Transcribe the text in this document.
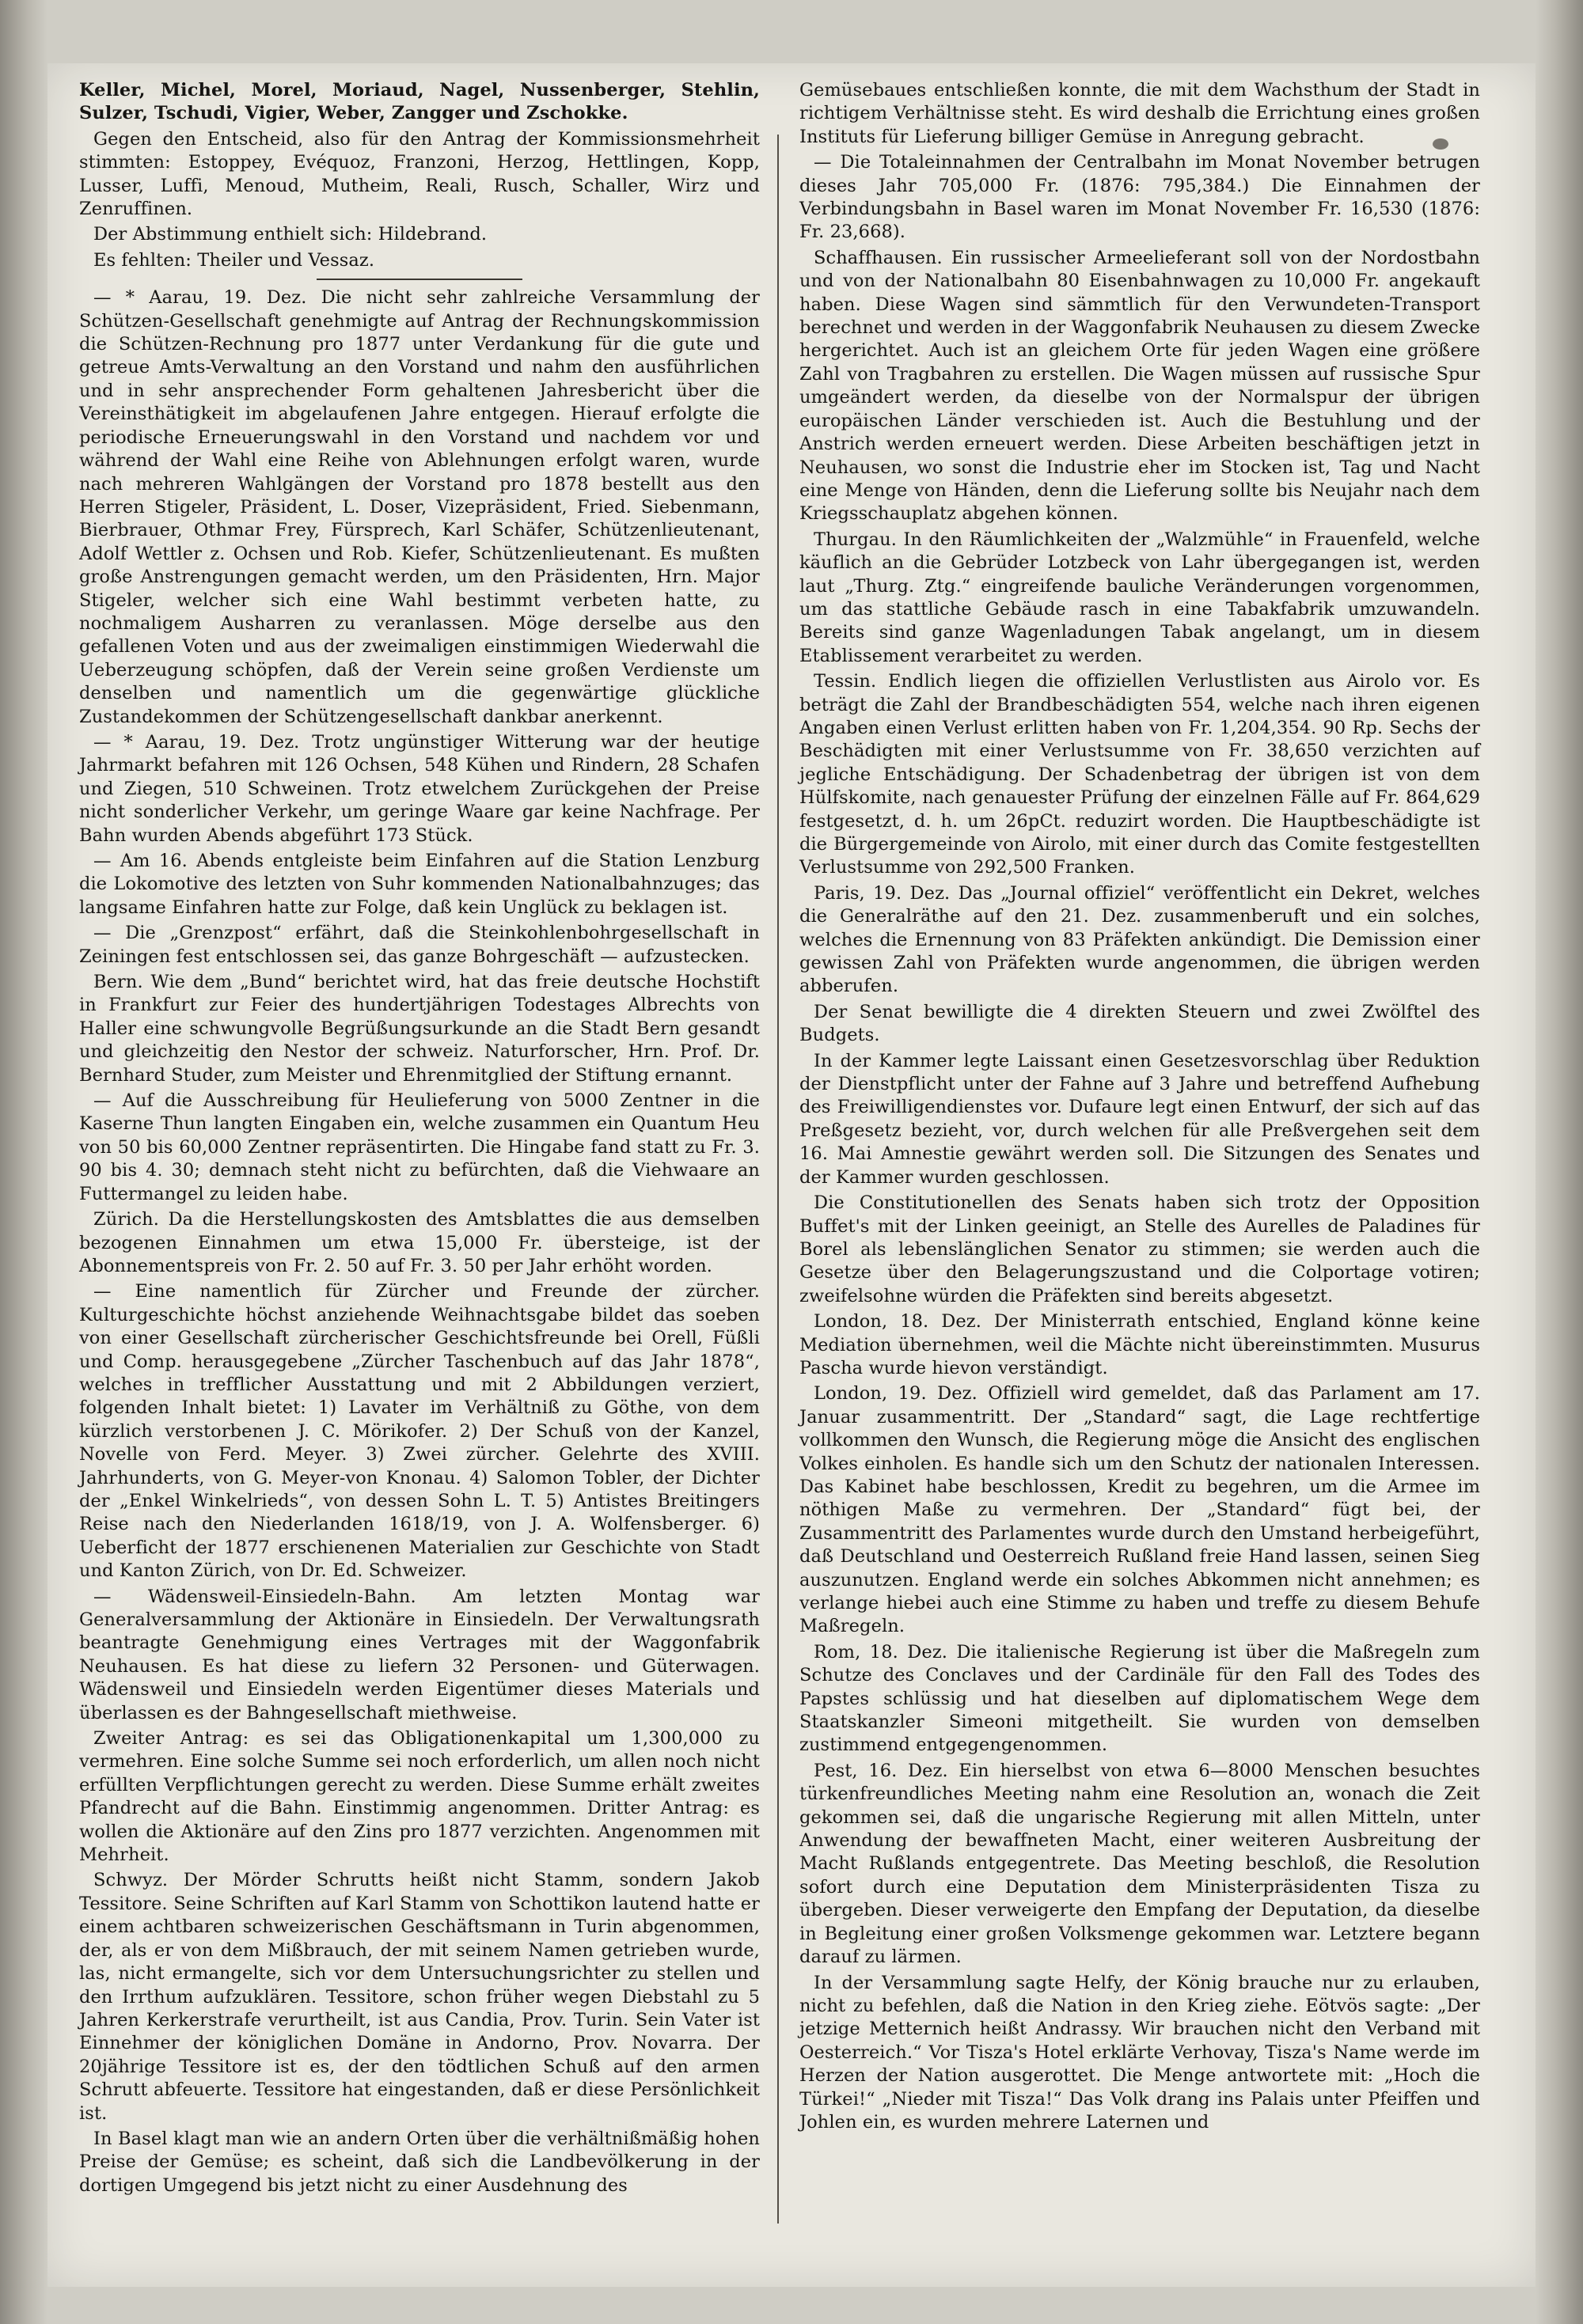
Keller, Michel, Morel, Moriaud, Nagel, Nussenberger, Stehlin, Sulzer, Tschudi, Vigier, Weber, Zangger und Zschokke.

Gegen den Entscheid, also für den Antrag der Kommissionsmehrheit stimmten: Estoppey, Evéquoz, Franzoni, Herzog, Hettlingen, Kopp, Lusser, Luffi, Menoud, Mutheim, Reali, Rusch, Schaller, Wirz und Zenruffinen.

Der Abstimmung enthielt sich: Hildebrand.

Es fehlten: Theiler und Vessaz.

— * Aarau, 19. Dez. Die nicht sehr zahlreiche Versammlung der Schützen-Gesellschaft genehmigte auf Antrag der Rechnungskommission die Schützen-Rechnung pro 1877 unter Verdankung für die gute und getreue Amts-Verwaltung an den Vorstand und nahm den ausführlichen und in sehr ansprechender Form gehaltenen Jahresbericht über die Vereinsthätigkeit im abgelaufenen Jahre entgegen. Hierauf erfolgte die periodische Erneuerungswahl in den Vorstand und nachdem vor und während der Wahl eine Reihe von Ablehnungen erfolgt waren, wurde nach mehreren Wahlgängen der Vorstand pro 1878 bestellt aus den Herren Stigeler, Präsident, L. Doser, Vizepräsident, Fried. Siebenmann, Bierbrauer, Othmar Frey, Fürsprech, Karl Schäfer, Schützenlieutenant, Adolf Wettler z. Ochsen und Rob. Kiefer, Schützenlieutenant. Es mußten große Anstrengungen gemacht werden, um den Präsidenten, Hrn. Major Stigeler, welcher sich eine Wahl bestimmt verbeten hatte, zu nochmaligem Ausharren zu veranlassen. Möge derselbe aus den gefallenen Voten und aus der zweimaligen einstimmigen Wiederwahl die Ueberzeugung schöpfen, daß der Verein seine großen Verdienste um denselben und namentlich um die gegenwärtige glückliche Zustandekommen der Schützengesellschaft dankbar anerkennt.

— * Aarau, 19. Dez. Trotz ungünstiger Witterung war der heutige Jahrmarkt befahren mit 126 Ochsen, 548 Kühen und Rindern, 28 Schafen und Ziegen, 510 Schweinen. Trotz etwelchem Zurückgehen der Preise nicht sonderlicher Verkehr, um geringe Waare gar keine Nachfrage. Per Bahn wurden Abends abgeführt 173 Stück.

— Am 16. Abends entgleiste beim Einfahren auf die Station Lenzburg die Lokomotive des letzten von Suhr kommenden Nationalbahnzuges; das langsame Einfahren hatte zur Folge, daß kein Unglück zu beklagen ist.

— Die „Grenzpost“ erfährt, daß die Steinkohlenbohrgesellschaft in Zeiningen fest entschlossen sei, das ganze Bohrgeschäft — aufzustecken.

Bern. Wie dem „Bund“ berichtet wird, hat das freie deutsche Hochstift in Frankfurt zur Feier des hundertjährigen Todestages Albrechts von Haller eine schwungvolle Begrüßungsurkunde an die Stadt Bern gesandt und gleichzeitig den Nestor der schweiz. Naturforscher, Hrn. Prof. Dr. Bernhard Studer, zum Meister und Ehrenmitglied der Stiftung ernannt.

— Auf die Ausschreibung für Heulieferung von 5000 Zentner in die Kaserne Thun langten Eingaben ein, welche zusammen ein Quantum Heu von 50 bis 60,000 Zentner repräsentirten. Die Hingabe fand statt zu Fr. 3. 90 bis 4. 30; demnach steht nicht zu befürchten, daß die Viehwaare an Futtermangel zu leiden habe.

Zürich. Da die Herstellungskosten des Amtsblattes die aus demselben bezogenen Einnahmen um etwa 15,000 Fr. übersteige, ist der Abonnementspreis von Fr. 2. 50 auf Fr. 3. 50 per Jahr erhöht worden.

— Eine namentlich für Zürcher und Freunde der zürcher. Kulturgeschichte höchst anziehende Weihnachtsgabe bildet das soeben von einer Gesellschaft zürcherischer Geschichtsfreunde bei Orell, Füßli und Comp. herausgegebene „Zürcher Taschenbuch auf das Jahr 1878“, welches in trefflicher Ausstattung und mit 2 Abbildungen verziert, folgenden Inhalt bietet: 1) Lavater im Verhältniß zu Göthe, von dem kürzlich verstorbenen J. C. Mörikofer. 2) Der Schuß von der Kanzel, Novelle von Ferd. Meyer. 3) Zwei zürcher. Gelehrte des XVIII. Jahrhunderts, von G. Meyer-von Knonau. 4) Salomon Tobler, der Dichter der „Enkel Winkelrieds“, von dessen Sohn L. T. 5) Antistes Breitingers Reise nach den Niederlanden 1618/19, von J. A. Wolfensberger. 6) Ueberficht der 1877 erschienenen Materialien zur Geschichte von Stadt und Kanton Zürich, von Dr. Ed. Schweizer.

— Wädensweil-Einsiedeln-Bahn. Am letzten Montag war Generalversammlung der Aktionäre in Einsiedeln. Der Verwaltungsrath beantragte Genehmigung eines Vertrages mit der Waggonfabrik Neuhausen. Es hat diese zu liefern 32 Personen- und Güterwagen. Wädensweil und Einsiedeln werden Eigentümer dieses Materials und überlassen es der Bahngesellschaft miethweise.

Zweiter Antrag: es sei das Obligationenkapital um 1,300,000 zu vermehren. Eine solche Summe sei noch erforderlich, um allen noch nicht erfüllten Verpflichtungen gerecht zu werden. Diese Summe erhält zweites Pfandrecht auf die Bahn. Einstimmig angenommen. Dritter Antrag: es wollen die Aktionäre auf den Zins pro 1877 verzichten. Angenommen mit Mehrheit.

Schwyz. Der Mörder Schrutts heißt nicht Stamm, sondern Jakob Tessitore. Seine Schriften auf Karl Stamm von Schottikon lautend hatte er einem achtbaren schweizerischen Geschäftsmann in Turin abgenommen, der, als er von dem Mißbrauch, der mit seinem Namen getrieben wurde, las, nicht ermangelte, sich vor dem Untersuchungsrichter zu stellen und den Irrthum aufzuklären. Tessitore, schon früher wegen Diebstahl zu 5 Jahren Kerkerstrafe verurtheilt, ist aus Candia, Prov. Turin. Sein Vater ist Einnehmer der königlichen Domäne in Andorno, Prov. Novarra. Der 20jährige Tessitore ist es, der den tödtlichen Schuß auf den armen Schrutt abfeuerte. Tessitore hat eingestanden, daß er diese Persönlichkeit ist.

In Basel klagt man wie an andern Orten über die verhältnißmäßig hohen Preise der Gemüse; es scheint, daß sich die Landbevölkerung in der dortigen Umgegend bis jetzt nicht zu einer Ausdehnung des

Gemüsebaues entschließen konnte, die mit dem Wachsthum der Stadt in richtigem Verhältnisse steht. Es wird deshalb die Errichtung eines großen Instituts für Lieferung billiger Gemüse in Anregung gebracht.

— Die Totaleinnahmen der Centralbahn im Monat November betrugen dieses Jahr 705,000 Fr. (1876: 795,384.) Die Einnahmen der Verbindungsbahn in Basel waren im Monat November Fr. 16,530 (1876: Fr. 23,668).

Schaffhausen. Ein russischer Armeelieferant soll von der Nordostbahn und von der Nationalbahn 80 Eisenbahnwagen zu 10,000 Fr. angekauft haben. Diese Wagen sind sämmtlich für den Verwundeten-Transport berechnet und werden in der Waggonfabrik Neuhausen zu diesem Zwecke hergerichtet. Auch ist an gleichem Orte für jeden Wagen eine größere Zahl von Tragbahren zu erstellen. Die Wagen müssen auf russische Spur umgeändert werden, da dieselbe von der Normalspur der übrigen europäischen Länder verschieden ist. Auch die Bestuhlung und der Anstrich werden erneuert werden. Diese Arbeiten beschäftigen jetzt in Neuhausen, wo sonst die Industrie eher im Stocken ist, Tag und Nacht eine Menge von Händen, denn die Lieferung sollte bis Neujahr nach dem Kriegsschauplatz abgehen können.

Thurgau. In den Räumlichkeiten der „Walzmühle“ in Frauenfeld, welche käuflich an die Gebrüder Lotzbeck von Lahr übergegangen ist, werden laut „Thurg. Ztg.“ eingreifende bauliche Veränderungen vorgenommen, um das stattliche Gebäude rasch in eine Tabakfabrik umzuwandeln. Bereits sind ganze Wagenladungen Tabak angelangt, um in diesem Etablissement verarbeitet zu werden.

Tessin. Endlich liegen die offiziellen Verlustlisten aus Airolo vor. Es beträgt die Zahl der Brandbeschädigten 554, welche nach ihren eigenen Angaben einen Verlust erlitten haben von Fr. 1,204,354. 90 Rp. Sechs der Beschädigten mit einer Verlustsumme von Fr. 38,650 verzichten auf jegliche Entschädigung. Der Schadenbetrag der übrigen ist von dem Hülfskomite, nach genauester Prüfung der einzelnen Fälle auf Fr. 864,629 festgesetzt, d. h. um 26pCt. reduzirt worden. Die Hauptbeschädigte ist die Bürgergemeinde von Airolo, mit einer durch das Comite festgestellten Verlustsumme von 292,500 Franken.

Paris, 19. Dez. Das „Journal offiziel“ veröffentlicht ein Dekret, welches die Generalräthe auf den 21. Dez. zusammenberuft und ein solches, welches die Ernennung von 83 Präfekten ankündigt. Die Demission einer gewissen Zahl von Präfekten wurde angenommen, die übrigen werden abberufen.

Der Senat bewilligte die 4 direkten Steuern und zwei Zwölftel des Budgets.

In der Kammer legte Laissant einen Gesetzesvorschlag über Reduktion der Dienstpflicht unter der Fahne auf 3 Jahre und betreffend Aufhebung des Freiwilligendienstes vor. Dufaure legt einen Entwurf, der sich auf das Preßgesetz bezieht, vor, durch welchen für alle Preßvergehen seit dem 16. Mai Amnestie gewährt werden soll. Die Sitzungen des Senates und der Kammer wurden geschlossen.

Die Constitutionellen des Senats haben sich trotz der Opposition Buffet's mit der Linken geeinigt, an Stelle des Aurelles de Paladines für Borel als lebenslänglichen Senator zu stimmen; sie werden auch die Gesetze über den Belagerungszustand und die Colportage votiren; zweifelsohne würden die Präfekten sind bereits abgesetzt.

London, 18. Dez. Der Ministerrath entschied, England könne keine Mediation übernehmen, weil die Mächte nicht übereinstimmten. Musurus Pascha wurde hievon verständigt.

London, 19. Dez. Offiziell wird gemeldet, daß das Parlament am 17. Januar zusammentritt. Der „Standard“ sagt, die Lage rechtfertige vollkommen den Wunsch, die Regierung möge die Ansicht des englischen Volkes einholen. Es handle sich um den Schutz der nationalen Interessen. Das Kabinet habe beschlossen, Kredit zu begehren, um die Armee im nöthigen Maße zu vermehren. Der „Standard“ fügt bei, der Zusammentritt des Parlamentes wurde durch den Umstand herbeigeführt, daß Deutschland und Oesterreich Rußland freie Hand lassen, seinen Sieg auszunutzen. England werde ein solches Abkommen nicht annehmen; es verlange hiebei auch eine Stimme zu haben und treffe zu diesem Behufe Maßregeln.

Rom, 18. Dez. Die italienische Regierung ist über die Maßregeln zum Schutze des Conclaves und der Cardinäle für den Fall des Todes des Papstes schlüssig und hat dieselben auf diplomatischem Wege dem Staatskanzler Simeoni mitgetheilt. Sie wurden von demselben zustimmend entgegengenommen.

Pest, 16. Dez. Ein hierselbst von etwa 6—8000 Menschen besuchtes türkenfreundliches Meeting nahm eine Resolution an, wonach die Zeit gekommen sei, daß die ungarische Regierung mit allen Mitteln, unter Anwendung der bewaffneten Macht, einer weiteren Ausbreitung der Macht Rußlands entgegentrete. Das Meeting beschloß, die Resolution sofort durch eine Deputation dem Ministerpräsidenten Tisza zu übergeben. Dieser verweigerte den Empfang der Deputation, da dieselbe in Begleitung einer großen Volksmenge gekommen war. Letztere begann darauf zu lärmen.

In der Versammlung sagte Helfy, der König brauche nur zu erlauben, nicht zu befehlen, daß die Nation in den Krieg ziehe. Eötvös sagte: „Der jetzige Metternich heißt Andrassy. Wir brauchen nicht den Verband mit Oesterreich.“ Vor Tisza's Hotel erklärte Verhovay, Tisza's Name werde im Herzen der Nation ausgerottet. Die Menge antwortete mit: „Hoch die Türkei!“ „Nieder mit Tisza!“ Das Volk drang ins Palais unter Pfeiffen und Johlen ein, es wurden mehrere Laternen und
